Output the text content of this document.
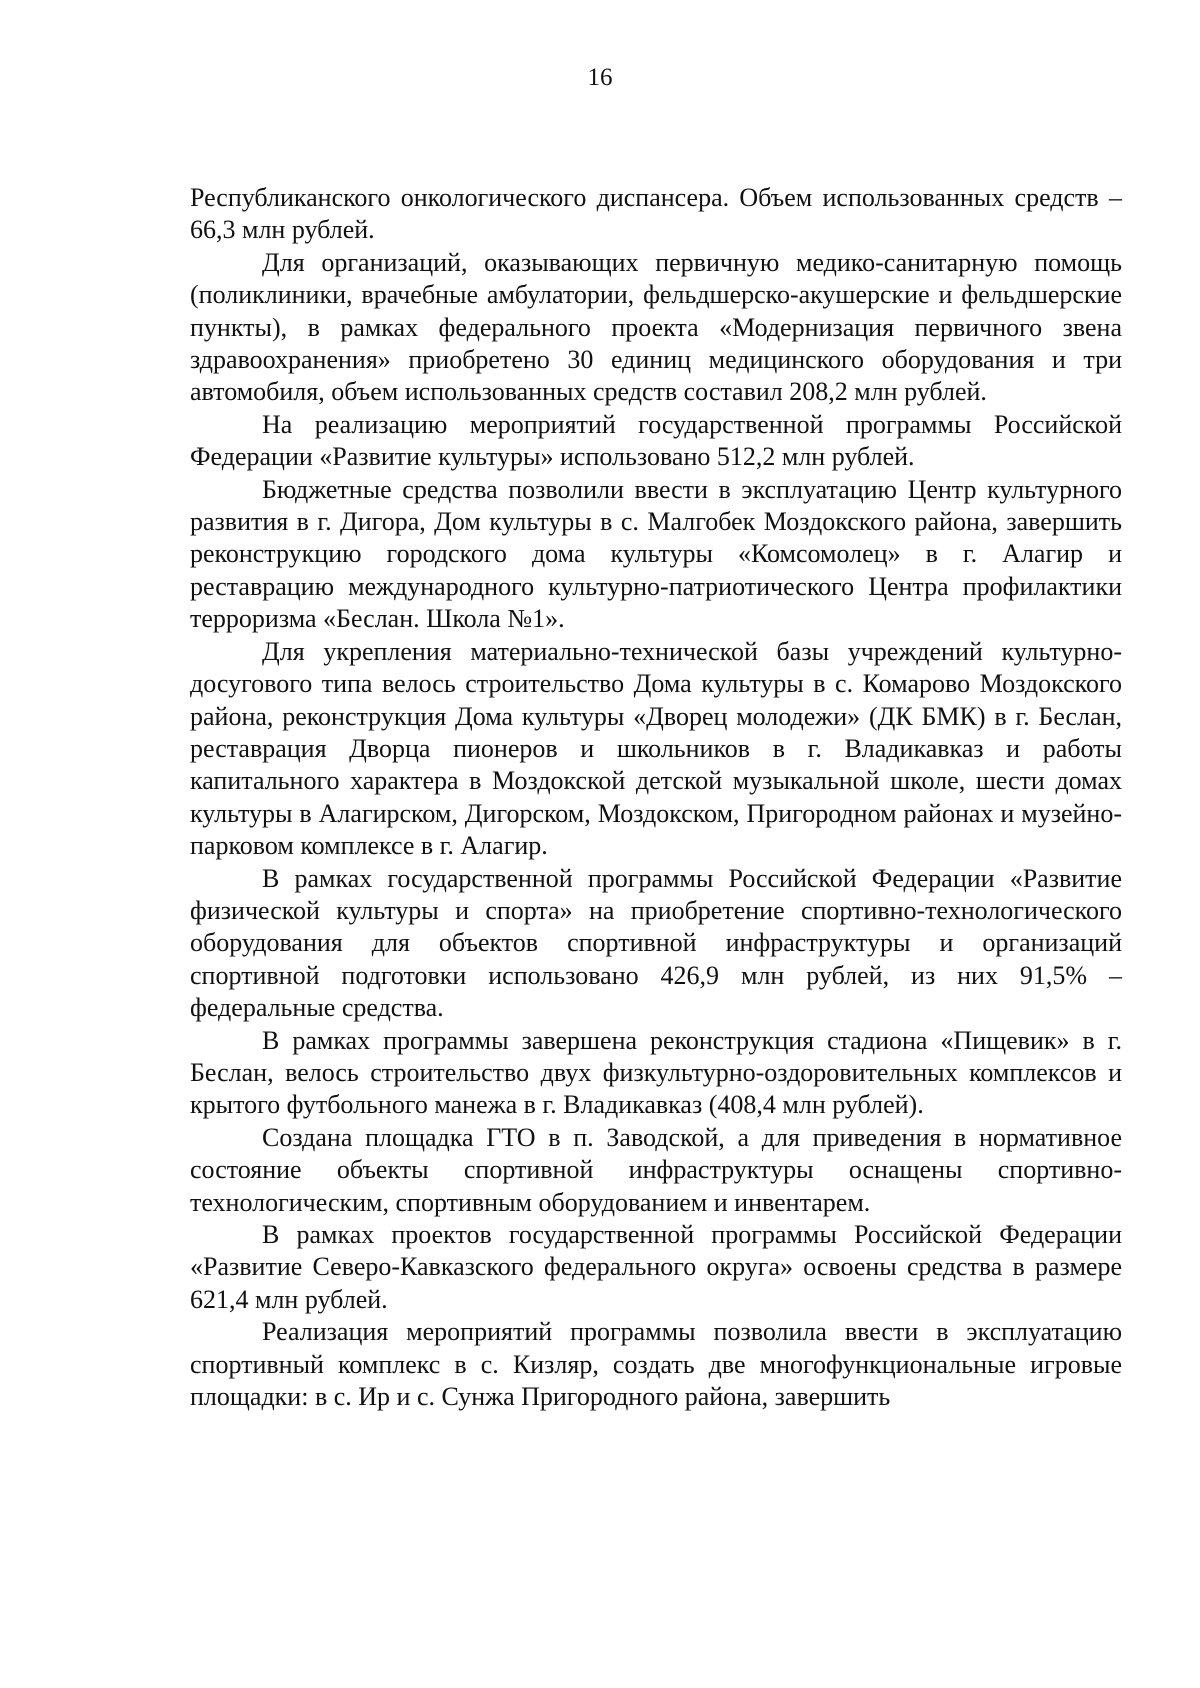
16

Республиканского онкологического диспансера. Объем использованных средств – 66,3 млн рублей.

Для организаций, оказывающих первичную медико-санитарную помощь (поликлиники, врачебные амбулатории, фельдшерско-акушерские и фельдшерские пункты), в рамках федерального проекта «Модернизация первичного звена здравоохранения» приобретено 30 единиц медицинского оборудования и три автомобиля, объем использованных средств составил 208,2 млн рублей.

На реализацию мероприятий государственной программы Российской Федерации «Развитие культуры» использовано 512,2 млн рублей.

Бюджетные средства позволили ввести в эксплуатацию Центр культурного развития в г. Дигора, Дом культуры в с. Малгобек Моздокского района, завершить реконструкцию городского дома культуры «Комсомолец» в г. Алагир и реставрацию международного культурно-патриотического Центра профилактики терроризма «Беслан. Школа №1».

Для укрепления материально-технической базы учреждений культурно-досугового типа велось строительство Дома культуры в с. Комарово Моздокского района, реконструкция Дома культуры «Дворец молодежи» (ДК БМК) в г. Беслан, реставрация Дворца пионеров и школьников в г. Владикавказ и работы капитального характера в Моздокской детской музыкальной школе, шести домах культуры в Алагирском, Дигорском, Моздокском, Пригородном районах и музейно-парковом комплексе в г. Алагир.

В рамках государственной программы Российской Федерации «Развитие физической культуры и спорта» на приобретение спортивно-технологического оборудования для объектов спортивной инфраструктуры и организаций спортивной подготовки использовано 426,9 млн рублей, из них 91,5% – федеральные средства.

В рамках программы завершена реконструкция стадиона «Пищевик» в г. Беслан, велось строительство двух физкультурно-оздоровительных комплексов и крытого футбольного манежа в г. Владикавказ (408,4 млн рублей).

Создана площадка ГТО в п. Заводской, а для приведения в нормативное состояние объекты спортивной инфраструктуры оснащены спортивно-технологическим, спортивным оборудованием и инвентарем.

В рамках проектов государственной программы Российской Федерации «Развитие Северо-Кавказского федерального округа» освоены средства в размере 621,4 млн рублей.

Реализация мероприятий программы позволила ввести в эксплуатацию спортивный комплекс в с. Кизляр, создать две многофункциональные игровые площадки: в с. Ир и с. Сунжа Пригородного района, завершить
